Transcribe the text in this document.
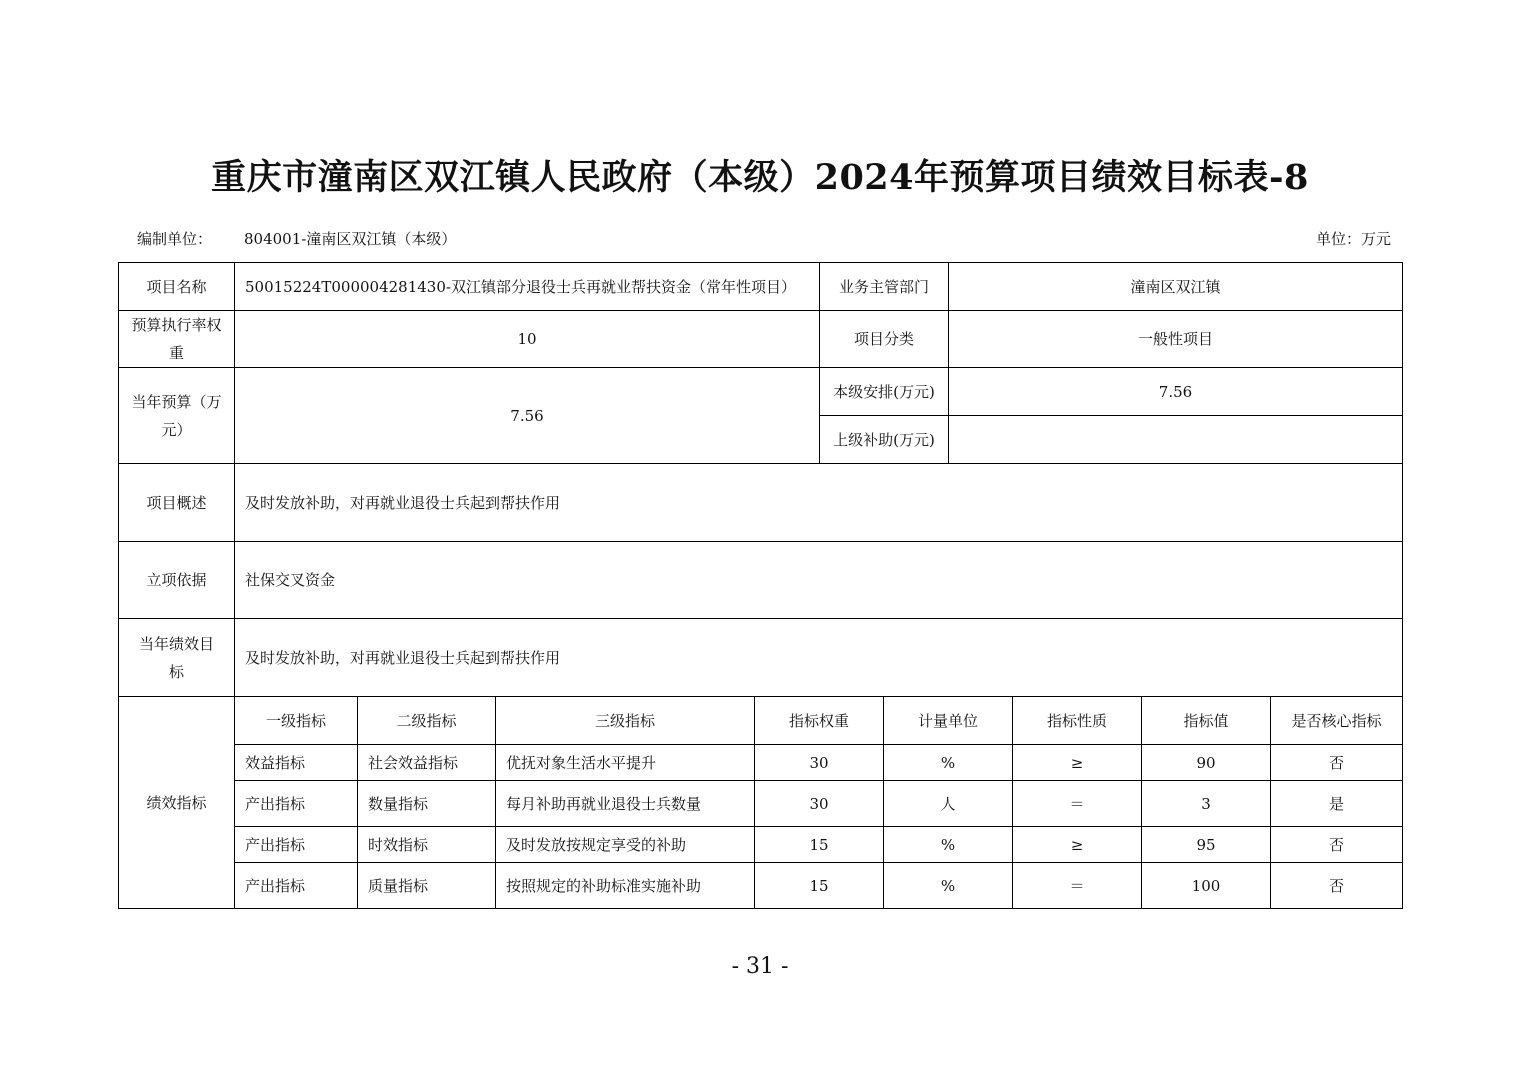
重庆市潼南区双江镇人民政府（本级）2024年预算项目绩效目标表-8
编制单位： 804001-潼南区双江镇（本级）	单位：万元
项目名称	50015224T000004281430-双江镇部分退役士兵再就业帮扶资金（常年性项目）	业务主管部门	潼南区双江镇
预算执行率权重	10	项目分类	一般性项目
当年预算（万元）	7.56	本级安排(万元)	7.56
		上级补助(万元)	
项目概述	及时发放补助，对再就业退役士兵起到帮扶作用		
立项依据	社保交叉资金		
当年绩效目标	及时发放补助，对再就业退役士兵起到帮扶作用		
绩效指标	一级指标	二级指标	三级指标	指标权重	计量单位	指标性质	指标值	是否核心指标
	效益指标	社会效益指标	优抚对象生活水平提升	30	%	≥	90	否
	产出指标	数量指标	每月补助再就业退役士兵数量	30	人	＝	3	是
	产出指标	时效指标	及时发放按规定享受的补助	15	%	≥	95	否
	产出指标	质量指标	按照规定的补助标准实施补助	15	%	＝	100	否
- 31 -
